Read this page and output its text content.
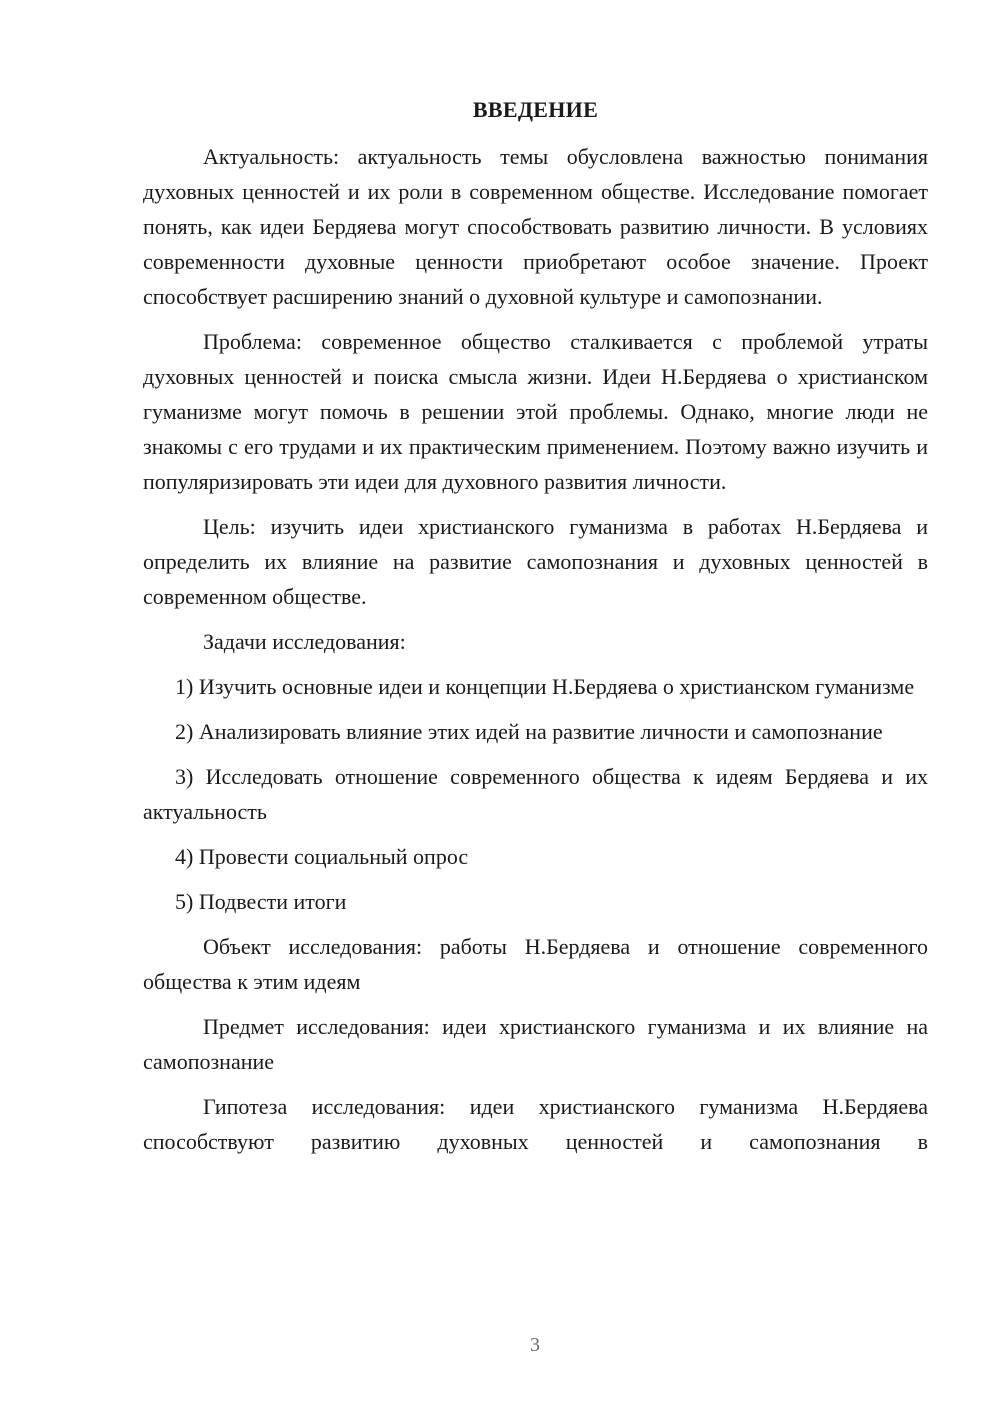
ВВЕДЕНИЕ

Актуальность: актуальность темы обусловлена важностью понимания духовных ценностей и их роли в современном обществе. Исследование помогает понять, как идеи Бердяева могут способствовать развитию личности. В условиях современности духовные ценности приобретают особое значение. Проект способствует расширению знаний о духовной культуре и самопознании.

Проблема: современное общество сталкивается с проблемой утраты духовных ценностей и поиска смысла жизни. Идеи Н.Бердяева о христианском гуманизме могут помочь в решении этой проблемы. Однако, многие люди не знакомы с его трудами и их практическим применением. Поэтому важно изучить и популяризировать эти идеи для духовного развития личности.

Цель: изучить идеи христианского гуманизма в работах Н.Бердяева и определить их влияние на развитие самопознания и духовных ценностей в современном обществе.

Задачи исследования:

1) Изучить основные идеи и концепции Н.Бердяева о христианском гуманизме

2) Анализировать влияние этих идей на развитие личности и самопознание

3) Исследовать отношение современного общества к идеям Бердяева и их актуальность

4) Провести социальный опрос

5) Подвести итоги

Объект исследования: работы Н.Бердяева и отношение современного общества к этим идеям

Предмет исследования: идеи христианского гуманизма и их влияние на самопознание

Гипотеза исследования: идеи христианского гуманизма Н.Бердяева способствуют развитию духовных ценностей и самопознания в

3
